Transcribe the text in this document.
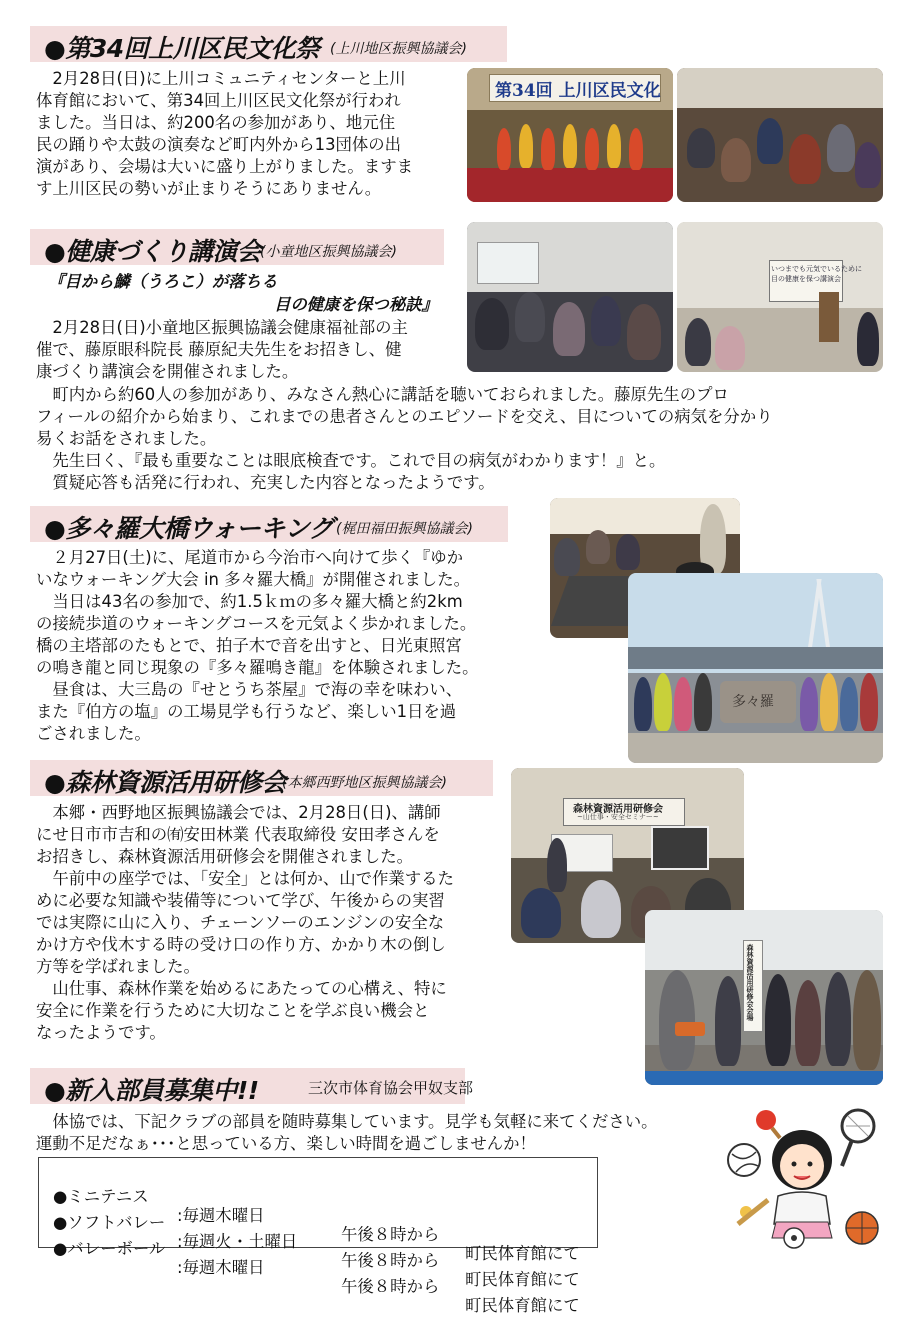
●第34回上川区民文化祭 (上川地区振興協議会)
　2月28日(日)に上川コミュニティセンターと上川
体育館において、第34回上川区民文化祭が行われ
ました。当日は、約200名の参加があり、地元住
民の踊りや太鼓の演奏など町内外から13団体の出
演があり、会場は大いに盛り上がりました。ますま
す上川区民の勢いが止まりそうにありません。
第34回 上川区民文化
●健康づくり講演会
(小童地区振興協議会)
『目から鱗（うろこ）が落ちる
目の健康を保つ秘訣』
　2月28日(日)小童地区振興協議会健康福祉部の主
催で、藤原眼科院長 藤原紀夫先生をお招きし、健
康づくり講演会を開催されました。
　町内から約60人の参加があり、みなさん熱心に講話を聴いておられました。藤原先生のプロ
フィールの紹介から始まり、これまでの患者さんとのエピソードを交え、目についての病気を分かり
易くお話をされました。
　先生曰く、『最も重要なことは眼底検査です。これで目の病気がわかります！』と。
　質疑応答も活発に行われ、充実した内容となったようです。
いつまでも元気でいるために
目の健康を保つ講演会
●多々羅大橋ウォーキング (梶田福田振興協議会)
　２月27日(土)に、尾道市から今治市へ向けて歩く『ゆか
いなウォーキング大会 in 多々羅大橋』が開催されました。
　当日は43名の参加で、約1.5ｋｍの多々羅大橋と約2km
の接続歩道のウォーキングコースを元気よく歩かれました。
橋の主塔部のたもとで、拍子木で音を出すと、日光東照宮
の鳴き龍と同じ現象の『多々羅鳴き龍』を体験されました。
　昼食は、大三島の『せとうち茶屋』で海の幸を味わい、
また『伯方の塩』の工場見学も行うなど、楽しい1日を過
ごされました。
多々羅
●森林資源活用研修会
(本郷西野地区振興協議会)
　本郷・西野地区振興協議会では、2月28日(日)、講師
にせ日市市吉和の㈲安田林業 代表取締役 安田孝さんを
お招きし、森林資源活用研修会を開催されました。
　午前中の座学では、「安全」とは何か、山で作業するた
めに必要な知識や装備等について学び、午後からの実習
では実際に山に入り、チェーンソーのエンジンの安全な
かけ方や伐木する時の受け口の作り方、かかり木の倒し
方等を学ばれました。
　山仕事、森林作業を始めるにあたっての心構え、特に
安全に作業を行うために大切なことを学ぶ良い機会と
なったようです。
森林資源活用研修会
~山仕事・安全セミナー~
森林資源活用研修会会場
●新入部員募集中!!	三次市体育協会甲奴支部
　体協では、下記クラブの部員を随時募集しています。見学も気軽に来てください。
運動不足だなぁ･･･と思っている方、楽しい時間を過ごしませんか！

●ミニテニス

:毎週木曜日

午後８時から

町民体育館にて

●ソフトバレー

:毎週火・土曜日

午後８時から

町民体育館にて

●バレーボール

:毎週木曜日

午後８時から

町民体育館にて
